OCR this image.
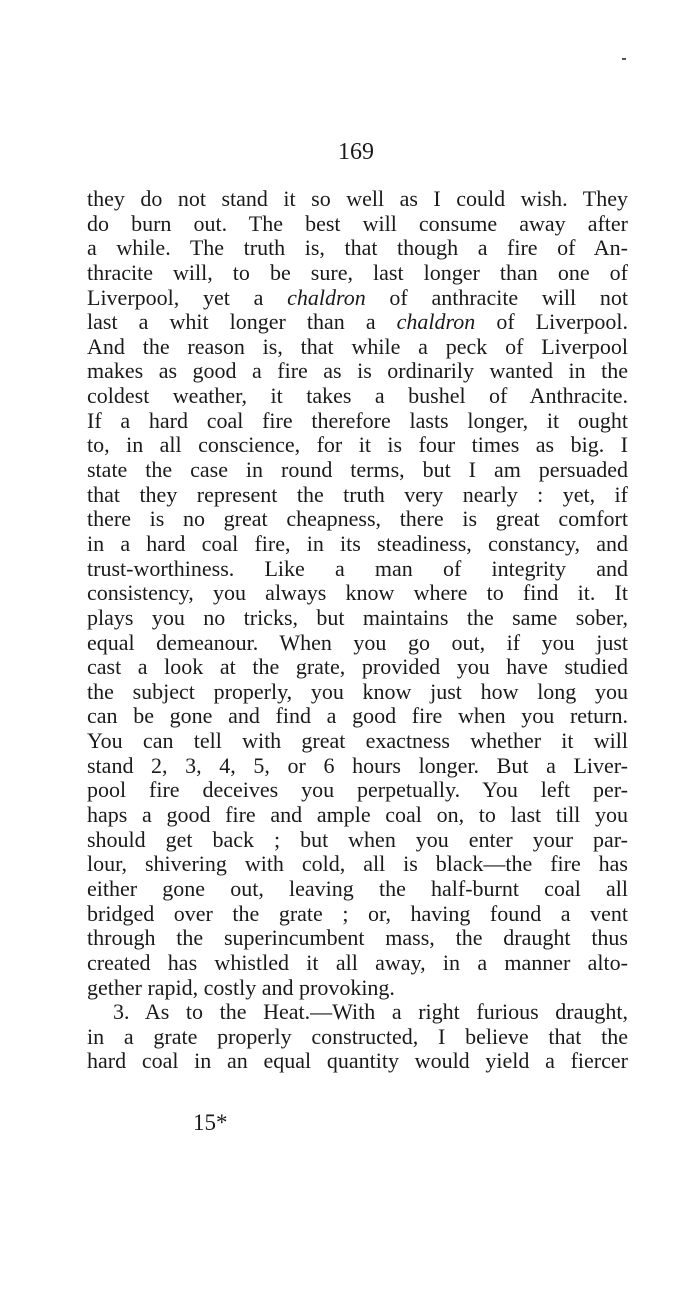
169
they do not stand it so well as I could wish. They
do burn out. The best will consume away after
a while. The truth is, that though a fire of An-
thracite will, to be sure, last longer than one of
Liverpool, yet a chaldron of anthracite will not
last a whit longer than a chaldron of Liverpool.
And the reason is, that while a peck of Liverpool
makes as good a fire as is ordinarily wanted in the
coldest weather, it takes a bushel of Anthracite.
If a hard coal fire therefore lasts longer, it ought
to, in all conscience, for it is four times as big. I
state the case in round terms, but I am persuaded
that they represent the truth very nearly : yet, if
there is no great cheapness, there is great comfort
in a hard coal fire, in its steadiness, constancy, and
trust-worthiness. Like a man of integrity and
consistency, you always know where to find it. It
plays you no tricks, but maintains the same sober,
equal demeanour. When you go out, if you just
cast a look at the grate, provided you have studied
the subject properly, you know just how long you
can be gone and find a good fire when you return.
You can tell with great exactness whether it will
stand 2, 3, 4, 5, or 6 hours longer. But a Liver-
pool fire deceives you perpetually. You left per-
haps a good fire and ample coal on, to last till you
should get back ; but when you enter your par-
lour, shivering with cold, all is black—the fire has
either gone out, leaving the half-burnt coal all
bridged over the grate ; or, having found a vent
through the superincumbent mass, the draught thus
created has whistled it all away, in a manner alto-
gether rapid, costly and provoking.
3. As to the Heat.—With a right furious draught,
in a grate properly constructed, I believe that the
hard coal in an equal quantity would yield a fiercer
15*
